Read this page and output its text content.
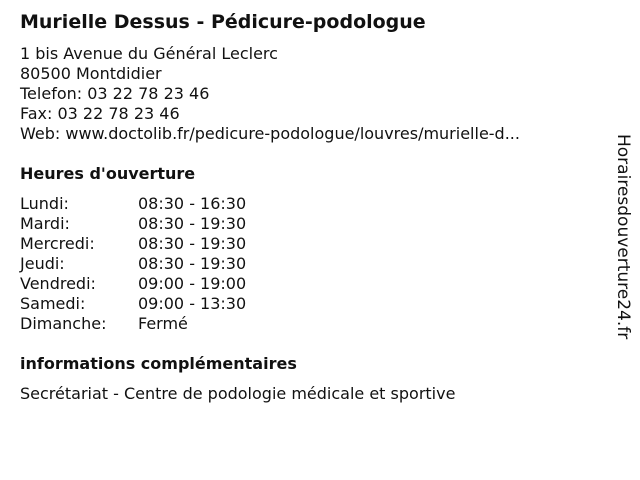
Murielle Dessus - Pédicure-podologue
1 bis Avenue du Général Leclerc
80500 Montdidier
Telefon: 03 22 78 23 46
Fax: 03 22 78 23 46
Web: www.doctolib.fr/pedicure-podologue/louvres/murielle-d...
Heures d'ouverture
Lundi:	08:30 - 16:30
Mardi:	08:30 - 19:30
Mercredi:	08:30 - 19:30
Jeudi:	08:30 - 19:30
Vendredi:	09:00 - 19:00
Samedi:	09:00 - 13:30
Dimanche: Fermé
informations complémentaires
Secrétariat - Centre de podologie médicale et sportive
Horairesdouverture24.fr
